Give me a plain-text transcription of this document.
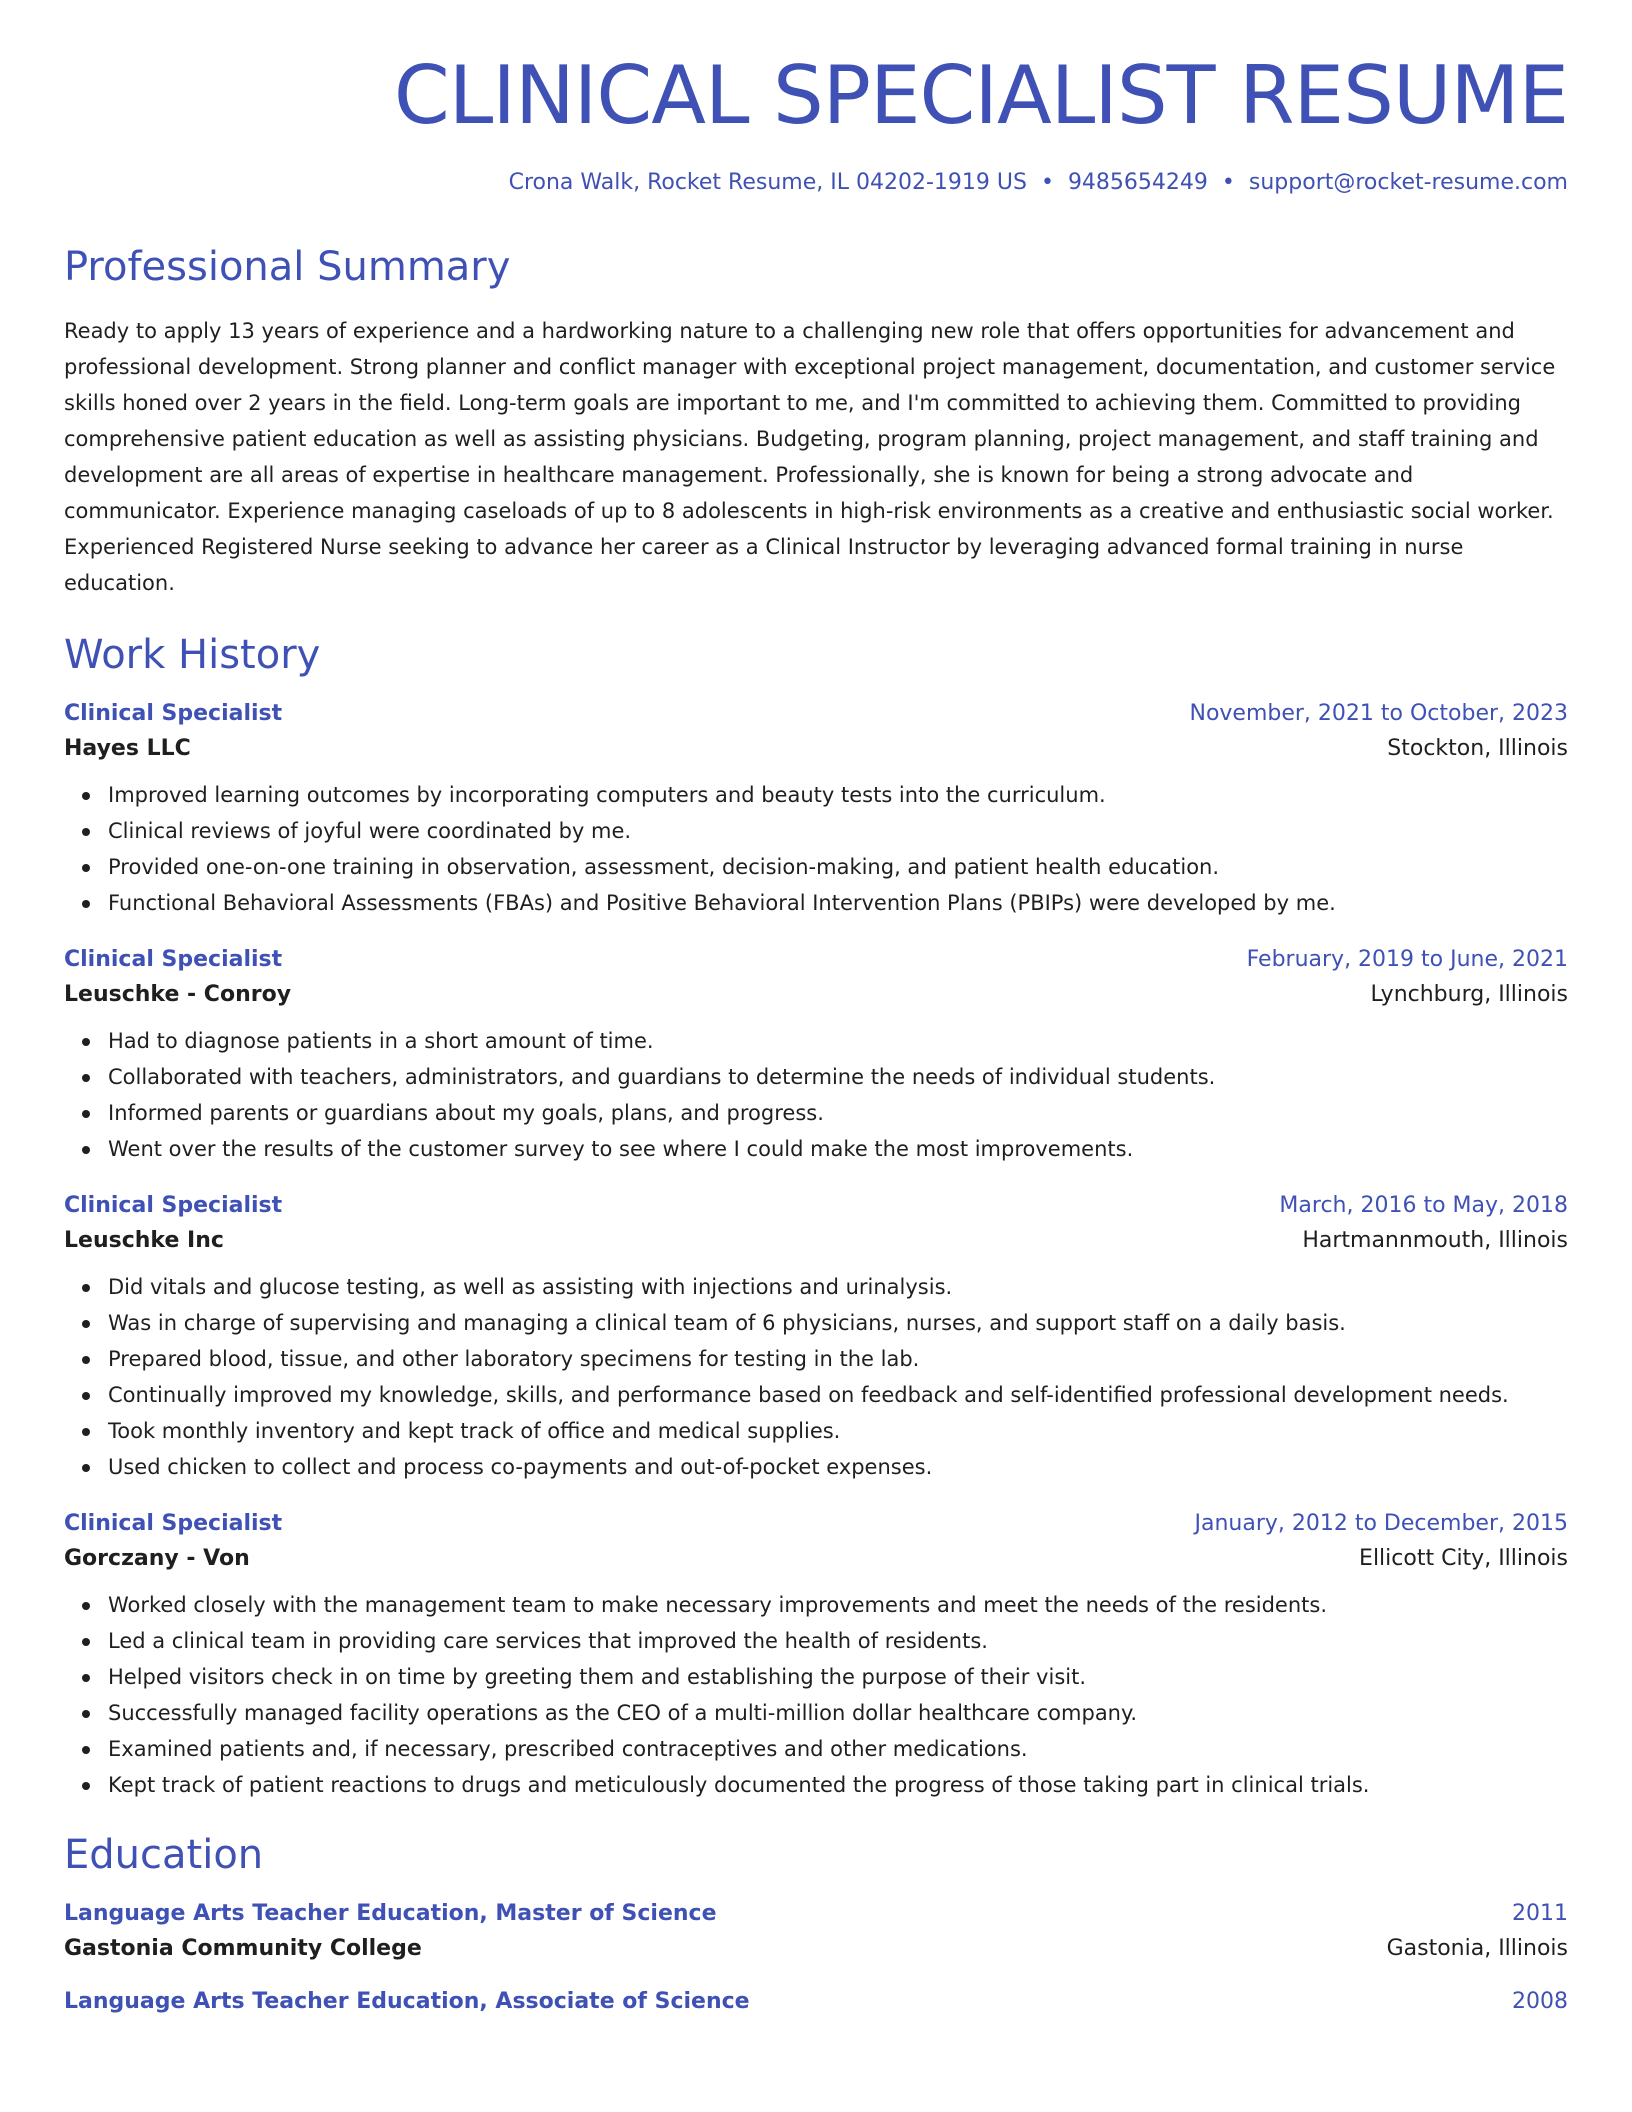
CLINICAL SPECIALIST RESUME
Crona Walk, Rocket Resume, IL 04202-1919 US • 9485654249 • support@rocket-resume.com
Professional Summary

Ready to apply 13 years of experience and a hardworking nature to a challenging new role that offers opportunities for advancement and professional development. Strong planner and conflict manager with exceptional project management, documentation, and customer service skills honed over 2 years in the field. Long-term goals are important to me, and I'm committed to achieving them. Committed to providing comprehensive patient education as well as assisting physicians. Budgeting, program planning, project management, and staff training and development are all areas of expertise in healthcare management. Professionally, she is known for being a strong advocate and communicator. Experience managing caseloads of up to 8 adolescents in high-risk environments as a creative and enthusiastic social worker. Experienced Registered Nurse seeking to advance her career as a Clinical Instructor by leveraging advanced formal training in nurse education.

Work History
Clinical Specialist	November, 2021 to October, 2023
Hayes LLC	Stockton, Illinois
Improved learning outcomes by incorporating computers and beauty tests into the curriculum.
Clinical reviews of joyful were coordinated by me.
Provided one-on-one training in observation, assessment, decision-making, and patient health education.
Functional Behavioral Assessments (FBAs) and Positive Behavioral Intervention Plans (PBIPs) were developed by me.
Clinical Specialist	February, 2019 to June, 2021
Leuschke - Conroy	Lynchburg, Illinois
Had to diagnose patients in a short amount of time.
Collaborated with teachers, administrators, and guardians to determine the needs of individual students.
Informed parents or guardians about my goals, plans, and progress.
Went over the results of the customer survey to see where I could make the most improvements.
Clinical Specialist	March, 2016 to May, 2018
Leuschke Inc	Hartmannmouth, Illinois
Did vitals and glucose testing, as well as assisting with injections and urinalysis.
Was in charge of supervising and managing a clinical team of 6 physicians, nurses, and support staff on a daily basis.
Prepared blood, tissue, and other laboratory specimens for testing in the lab.
Continually improved my knowledge, skills, and performance based on feedback and self-identified professional development needs.
Took monthly inventory and kept track of office and medical supplies.
Used chicken to collect and process co-payments and out-of-pocket expenses.
Clinical Specialist	January, 2012 to December, 2015
Gorczany - Von	Ellicott City, Illinois
Worked closely with the management team to make necessary improvements and meet the needs of the residents.
Led a clinical team in providing care services that improved the health of residents.
Helped visitors check in on time by greeting them and establishing the purpose of their visit.
Successfully managed facility operations as the CEO of a multi-million dollar healthcare company.
Examined patients and, if necessary, prescribed contraceptives and other medications.
Kept track of patient reactions to drugs and meticulously documented the progress of those taking part in clinical trials.
Education
Language Arts Teacher Education, Master of Science	2011
Gastonia Community College	Gastonia, Illinois
Language Arts Teacher Education, Associate of Science	2008
